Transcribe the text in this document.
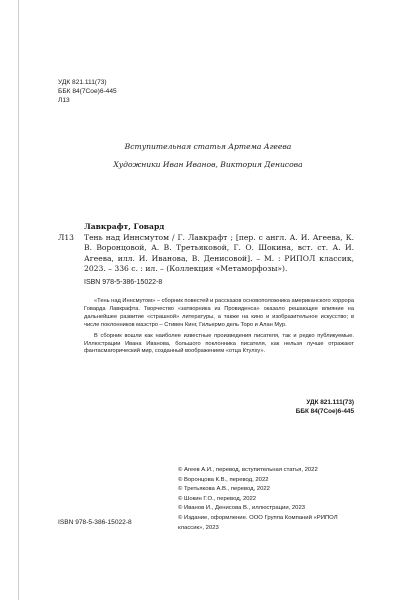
УДК 821.111(73)
ББК 84(7Сое)6-445
Л13
Вступительная статья Артема Агеева
Художники Иван Иванов, Виктория Денисова
Л13
Лавкрафт, Говард
Тень над Иннсмутом / Г. Лавкрафт ; [пер. с англ. А. И. Агеева, К. В. Воронцовой, А. В. Третьяковой, Г. О. Шокина, вст. ст. А. И. Агеева, илл. И. Иванова, В. Денисовой]. – М. : РИПОЛ классик, 2023. – 336 с. : ил. – (Коллекция «Метаморфозы»).
ISBN 978-5-386-15022-8

«Тень над Иннсмутом» – сборник повестей и рассказов основоположника американского хоррора Говарда Лавкрафта. Творчество «затворника из Провиденса» оказало решающее влияние на дальнейшее развитие «страшной» литературы, а также на кино и изобразительное искусство; в числе поклонников маэстро – Стивен Кинг, Гильермо дель Торо и Алан Мур.

В сборник вошли как наиболее известные произведения писателя, так и редко публикуемые. Иллюстрации Ивана Иванова, большого поклонника писателя, как нельзя лучше отражают фантасмагорический мир, созданный воображением «отца Ктулху».

УДК 821.111(73)
ББК 84(7Сое)6-445
© Агеев А.И., перевод, вступительная статья, 2022
© Воронцова К.В., перевод, 2022
© Третьякова А.В., перевод, 2022
© Шокин Г.О., перевод, 2022
© Иванов И., Денисова В., иллюстрации, 2023
© Издание, оформление. ООО Группа Компаний «РИПОЛ классик», 2023
ISBN 978-5-386-15022-8
